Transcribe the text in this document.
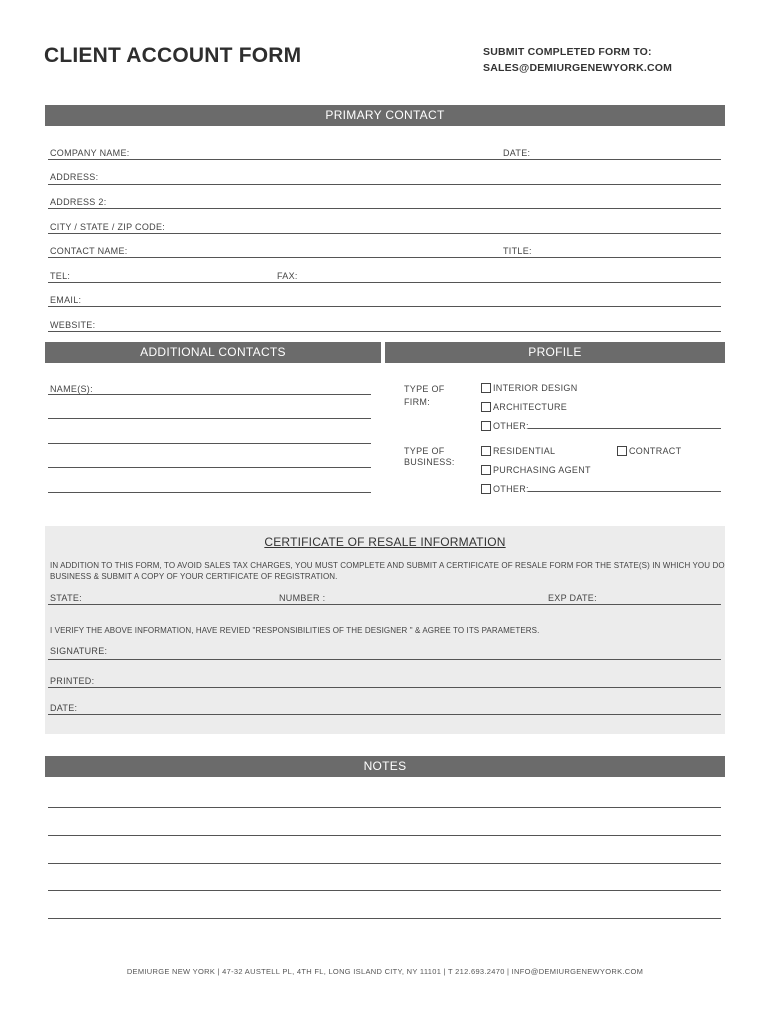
CLIENT ACCOUNT FORM	SUBMIT COMPLETED FORM TO:
SALES@DEMIURGENEWYORK.COM
PRIMARY CONTACT
COMPANY NAME:	DATE:
ADDRESS:
ADDRESS 2:
CITY / STATE / ZIP CODE:
CONTACT NAME:	TITLE:
TEL:	FAX:
EMAIL:
WEBSITE:
ADDITIONAL CONTACTS	PROFILE
NAME(S):	TYPE OF
FIRM:
INTERIOR DESIGN
ARCHITECTURE
OTHER:
TYPE OF
BUSINESS:
RESIDENTIAL	CONTRACT
PURCHASING AGENT
OTHER:
CERTIFICATE OF RESALE INFORMATION
IN ADDITION TO THIS FORM, TO AVOID SALES TAX CHARGES, YOU MUST COMPLETE AND SUBMIT A CERTIFICATE OF RESALE FORM FOR THE STATE(S) IN WHICH YOU DO
BUSINESS & SUBMIT A COPY OF YOUR CERTIFICATE OF REGISTRATION.
STATE:	NUMBER :	EXP DATE:
I VERIFY THE ABOVE INFORMATION, HAVE REVIED "RESPONSIBILITIES OF THE DESIGNER " & AGREE TO ITS PARAMETERS.
SIGNATURE:
PRINTED:
DATE:
NOTES
DEMIURGE NEW YORK | 47-32 AUSTELL PL, 4TH FL, LONG ISLAND CITY, NY 11101 | T 212.693.2470 | INFO@DEMIURGENEWYORK.COM
